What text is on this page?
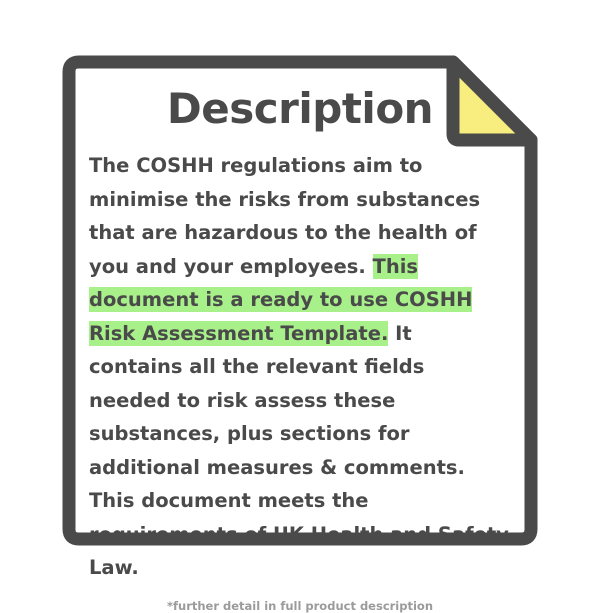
Description
The COSHH regulations aim to minimise the risks from substances that are hazardous to the health of you and your employees. This document is a ready to use COSHH Risk Assessment Template. It contains all the relevant fields needed to risk assess these substances, plus sections for additional measures & comments. This document meets the requirements of UK Health and Safety Law.
*further detail in full product description
